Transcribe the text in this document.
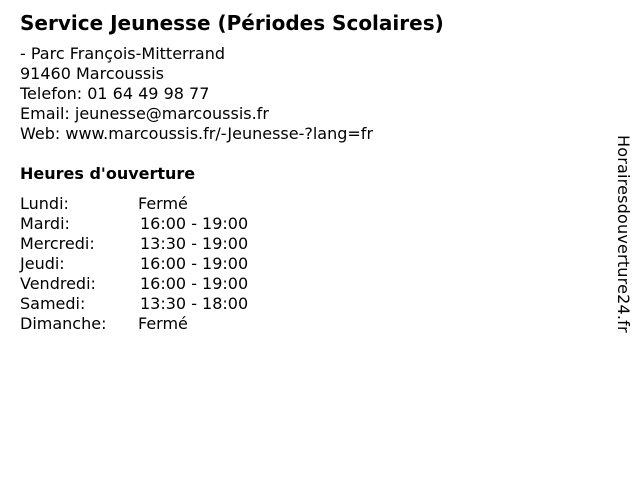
Service Jeunesse (Périodes Scolaires)
- Parc François-Mitterrand
91460 Marcoussis
Telefon: 01 64 49 98 77
Email: jeunesse@marcoussis.fr
Web: www.marcoussis.fr/-Jeunesse-?lang=fr
Heures d'ouverture
Lundi:	Fermé
Mardi:	16:00 - 19:00
Mercredi:	13:30 - 19:00
Jeudi:	16:00 - 19:00
Vendredi:	16:00 - 19:00
Samedi:	13:30 - 18:00
Dimanche: Fermé	Horairesdouverture24.fr
